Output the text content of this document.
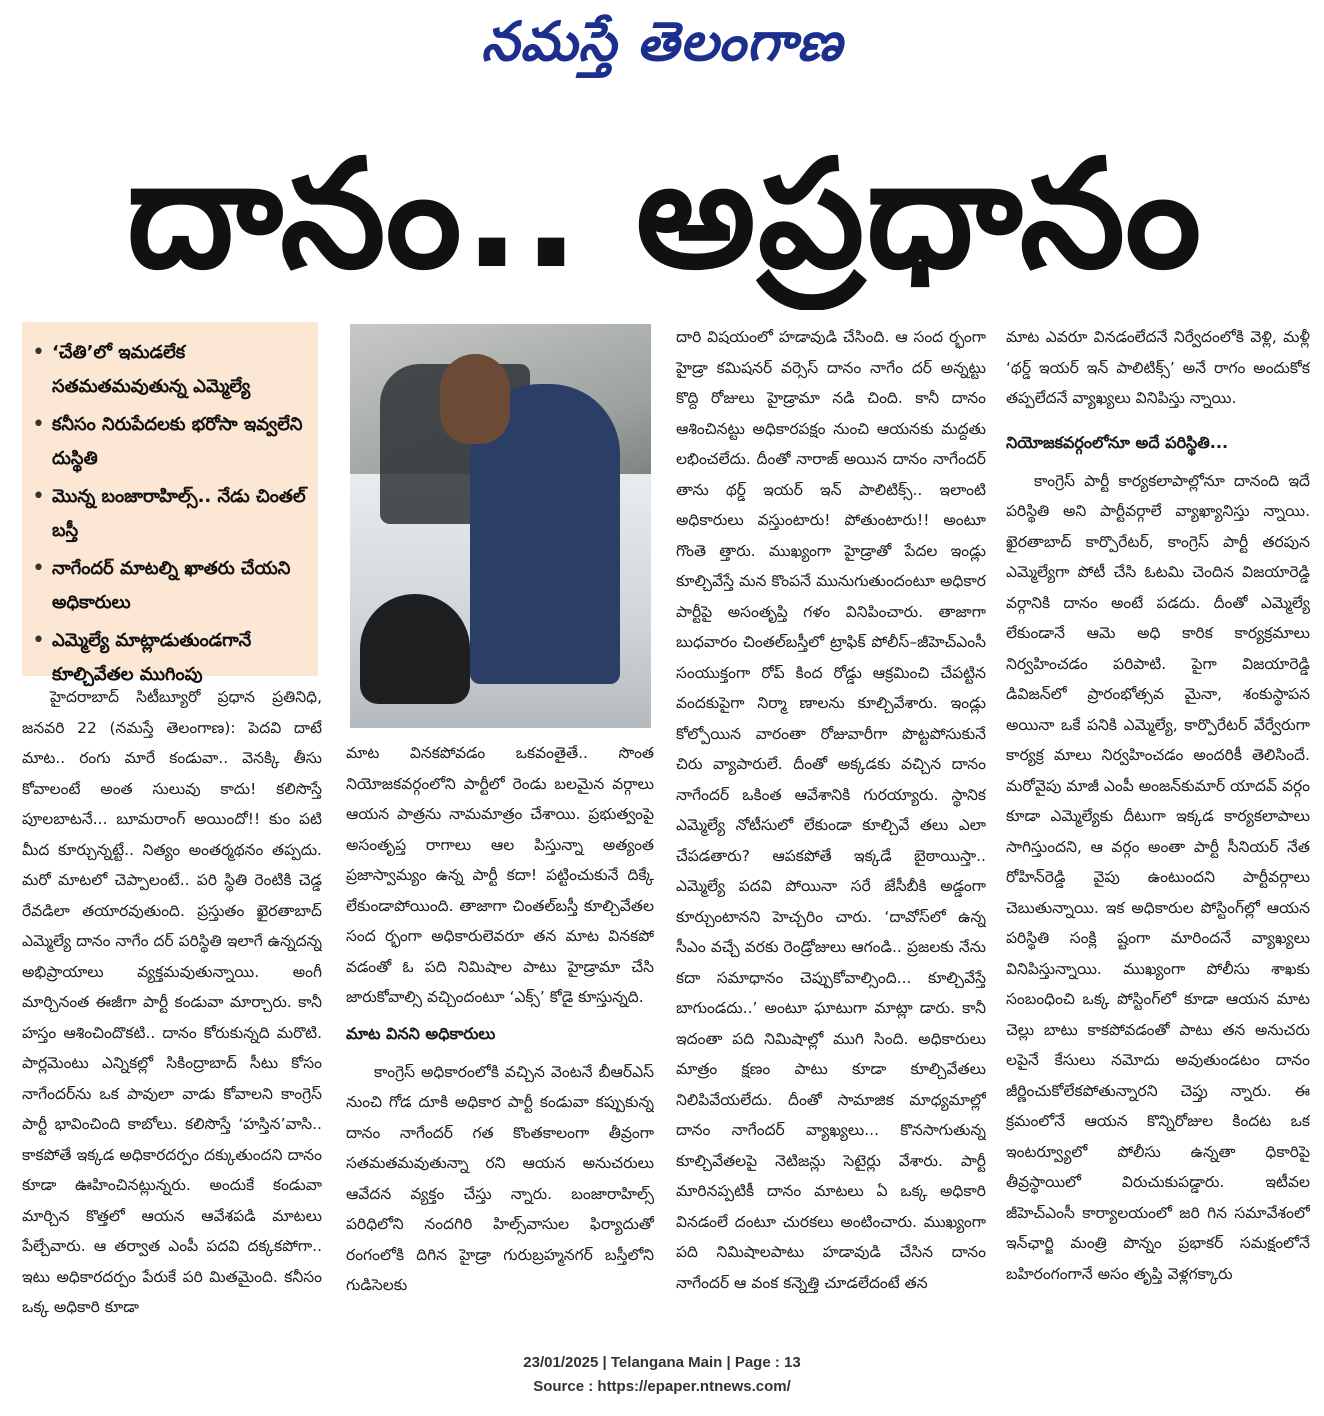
నమస్తే తెలంగాణ
దానం.. అప్రధానం
• ‘చేతి’లో ఇమడలేక సతమతమవుతున్న ఎమ్మెల్యే
• కనీసం నిరుపేదలకు భరోసా ఇవ్వలేని దుస్థితి
• మొన్న బంజారాహిల్స్.. నేడు చింతల్ బస్తీ
• నాగేందర్ మాటల్ని ఖాతరు చేయని అధికారులు
• ఎమ్మెల్యే మాట్లాడుతుండగానే కూల్చివేతల ముగింపు

హైదరాబాద్ సిటీబ్యూరో ప్రధాన ప్రతినిధి, జనవరి 22 (నమస్తే తెలంగాణ): పెదవి దాటే మాట.. రంగు మారే కండువా.. వెనక్కి తీసు కోవాలంటే అంత సులువు కాదు! కలిసొస్తే పూలబాటనే... బూమరాంగ్ అయిందో!! కుం పటి మీద కూర్చున్నట్టే.. నిత్యం అంతర్మథనం తప్పదు. మరో మాటలో చెప్పాలంటే.. పరి స్థితి రెంటికి చెడ్డ రేవడిలా తయారవుతుంది. ప్రస్తుతం ఖైరతాబాద్ ఎమ్మెల్యే దానం నాగేం దర్ పరిస్థితి ఇలాగే ఉన్నదన్న అభిప్రాయాలు వ్యక్తమవుతున్నాయి. అంగీ మార్చినంత ఈజీగా పార్టీ కండువా మార్చారు. కానీ హస్తం ఆశించిందొకటి.. దానం కోరుకున్నది మరొటి. పార్లమెంటు ఎన్నికల్లో సికింద్రాబాద్ సీటు కోసం నాగేందర్‌ను ఒక పావులా వాడు కోవాలని కాంగ్రెస్ పార్టీ భావించింది కాబోలు. కలిసొస్తే ‘హస్తిన’వాసి.. కాకపోతే ఇక్కడ అధికారదర్పం దక్కుతుందని దానం కూడా ఊహించినట్లున్నరు. అందుకే కండువా మార్చిన కొత్తలో ఆయన ఆవేశపడి మాటలు పేల్చేవారు. ఆ తర్వాత ఎంపీ పదవి దక్కకపోగా.. ఇటు అధికారదర్పం పేరుకే పరి మితమైంది. కనీసం ఒక్క అధికారి కూడా

మాట వినకపోవడం ఒకవంతైతే.. సొంత నియోజకవర్గంలోని పార్టీలో రెండు బలమైన వర్గాలు ఆయన పాత్రను నామమాత్రం చేశాయి. ప్రభుత్వంపై అసంతృప్త రాగాలు ఆల పిస్తున్నా అత్యంత ప్రజాస్వామ్యం ఉన్న పార్టీ కదా! పట్టించుకునే దిక్కే లేకుండాపోయింది. తాజాగా చింతల్‌బస్తీ కూల్చివేతల సంద ర్భంగా అధికారులెవరూ తన మాట వినకపో వడంతో ఓ పది నిమిషాల పాటు హైడ్రామా చేసి జారుకోవాల్సి వచ్చిందంటూ ‘ఎక్స్’ కోడై కూస్తున్నది.

మాట వినని అధికారులు

కాంగ్రెస్ అధికారంలోకి వచ్చిన వెంటనే బీఆర్‌ఎస్ నుంచి గోడ దూకి అధికార పార్టీ కండువా కప్పుకున్న దానం నాగేందర్ గత కొంతకాలంగా తీవ్రంగా సతమతమవుతున్నా రని ఆయన అనుచరులు ఆవేదన వ్యక్తం చేస్తు న్నారు. బంజారాహిల్స్ పరిధిలోని నందగిరి హిల్స్‌వాసుల ఫిర్యాదుతో రంగంలోకి దిగిన హైడ్రా గురుబ్రహ్మనగర్ బస్తీలోని గుడిసెలకు

దారి విషయంలో హడావుడి చేసింది. ఆ సంద ర్భంగా హైడ్రా కమిషనర్ వర్సెస్ దానం నాగేం దర్ అన్నట్టు కొద్ది రోజులు హైడ్రామా నడి చింది. కానీ దానం ఆశించినట్టు అధికారపక్షం నుంచి ఆయనకు మద్దతు లభించలేదు. దీంతో నారాజ్ అయిన దానం నాగేందర్ తాను థర్డ్ ఇయర్ ఇన్ పాలిటిక్స్.. ఇలాంటి అధికారులు వస్తుంటారు! పోతుంటారు!! అంటూ గొంతె త్తారు. ముఖ్యంగా హైడ్రాతో పేదల ఇండ్లు కూల్చివేస్తే మన కొంపనే మునుగుతుందంటూ అధికార పార్టీపై అసంతృప్తి గళం వినిపించారు. తాజాగా బుధవారం చింతల్‌బస్తీలో ట్రాఫిక్ పోలీస్‌–జీహెచ్‌ఎంసీ సంయుక్తంగా రోప్ కింద రోడ్డు ఆక్రమించి చేపట్టిన వందకుపైగా నిర్మా ణాలను కూల్చివేశారు. ఇండ్లు కోల్పోయిన వారంతా రోజువారీగా పొట్టపోసుకునే చిరు వ్యాపారులే. దీంతో అక్కడకు వచ్చిన దానం నాగేందర్ ఒకింత ఆవేశానికి గురయ్యారు. స్థానిక ఎమ్మెల్యే నోటీసులో లేకుండా కూల్చివే తలు ఎలా చేపడతారు? ఆపకపోతే ఇక్కడే బైఠాయిస్తా.. ఎమ్మెల్యే పదవి పోయినా సరే జేసీబీకి అడ్డంగా కూర్చుంటానని హెచ్చరిం చారు. ‘దావోస్‌లో ఉన్న సీఎం వచ్చే వరకు రెండ్రోజులు ఆగండి.. ప్రజలకు నేను కదా సమాధానం చెప్పుకోవాల్సింది... కూల్చివేస్తే బాగుండదు..’ అంటూ ఘాటుగా మాట్లా డారు. కానీ ఇదంతా పది నిమిషాల్లో ముగి సింది. అధికారులు మాత్రం క్షణం పాటు కూడా కూల్చివేతలు నిలిపివేయలేదు. దీంతో సామాజిక మాధ్యమాల్లో దానం నాగేందర్ వ్యాఖ్యలు... కొనసాగుతున్న కూల్చివేతలపై నెటిజన్లు సెటైర్లు వేశారు. పార్టీ మారినప్పటికీ దానం మాటలు ఏ ఒక్క అధికారి వినడంలే దంటూ చురకలు అంటించారు. ముఖ్యంగా పది నిమిషాలపాటు హడావుడి చేసిన దానం నాగేందర్ ఆ వంక కన్నెత్తి చూడలేదంటే తన

మాట ఎవరూ వినడంలేదనే నిర్వేదంలోకి వెళ్లి, మళ్లీ ‘థర్డ్ ఇయర్ ఇన్ పాలిటిక్స్’ అనే రాగం అందుకోక తప్పలేదనే వ్యాఖ్యలు వినిపిస్తు న్నాయి.

నియోజకవర్గంలోనూ అదే పరిస్థితి...

కాంగ్రెస్ పార్టీ కార్యకలాపాల్లోనూ దానంది ఇదే పరిస్థితి అని పార్టీవర్గాలే వ్యాఖ్యానిస్తు న్నాయి. ఖైరతాబాద్ కార్పొరేటర్, కాంగ్రెస్ పార్టీ తరపున ఎమ్మెల్యేగా పోటీ చేసి ఓటమి చెందిన విజయారెడ్డి వర్గానికి దానం అంటే పడదు. దీంతో ఎమ్మెల్యే లేకుండానే ఆమె అధి కారిక కార్యక్రమాలు నిర్వహించడం పరిపాటి. పైగా విజయారెడ్డి డివిజన్‌లో ప్రారంభోత్సవ మైనా, శంకుస్థాపన అయినా ఒకే పనికి ఎమ్మెల్యే, కార్పొరేటర్ వేర్వేరుగా కార్యక్ర మాలు నిర్వహించడం అందరికీ తెలిసిందే. మరోవైపు మాజీ ఎంపీ అంజన్‌కుమార్ యాదవ్ వర్గం కూడా ఎమ్మెల్యేకు దీటుగా ఇక్కడ కార్యకలాపాలు సాగిస్తుందని, ఆ వర్గం అంతా పార్టీ సీనియర్ నేత రోహిన్‌రెడ్డి వైపు ఉంటుందని పార్టీవర్గాలు చెబుతున్నాయి. ఇక అధికారుల పోస్టింగ్‌ల్లో ఆయన పరిస్థితి సంక్లి ష్టంగా మారిందనే వ్యాఖ్యలు వినిపిస్తున్నాయి. ముఖ్యంగా పోలీసు శాఖకు సంబంధించి ఒక్క పోస్టింగ్‌లో కూడా ఆయన మాట చెల్లు బాటు కాకపోవడంతో పాటు తన అనుచరు లపైనే కేసులు నమోదు అవుతుండటం దానం జీర్ణించుకోలేకపోతున్నారని చెప్తు న్నారు. ఈ క్రమంలోనే ఆయన కొన్నిరోజుల కిందట ఒక ఇంటర్వ్యూలో పోలీసు ఉన్నతా ధికారిపై తీవ్రస్థాయిలో విరుచుకుపడ్డారు. ఇటీవల జీహెచ్‌ఎంసీ కార్యాలయంలో జరి గిన సమావేశంలో ఇన్‌ఛార్జి మంత్రి పొన్నం ప్రభాకర్ సమక్షంలోనే బహిరంగంగానే అసం తృప్తి వెళ్లగక్కారు

23/01/2025 | Telangana Main | Page : 13
Source : https://epaper.ntnews.com/
